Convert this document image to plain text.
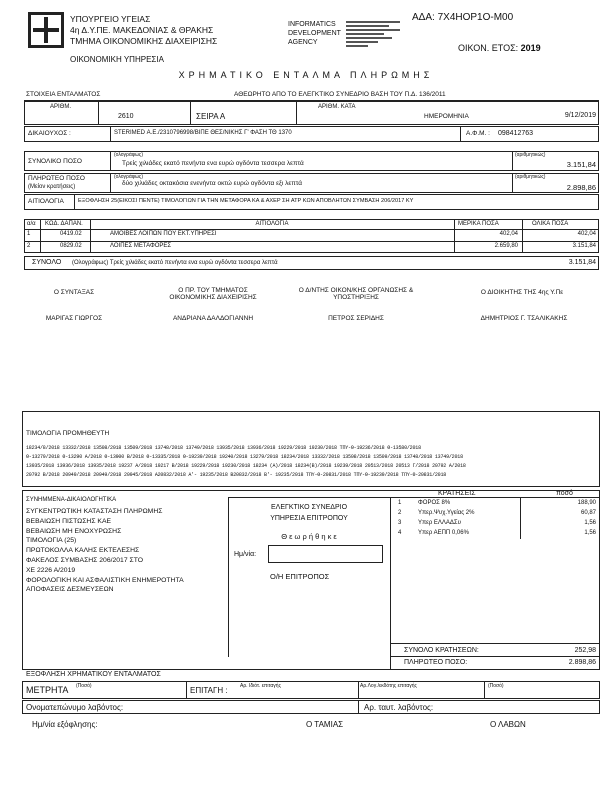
ΥΠΟΥΡΓΕΙΟ ΥΓΕΙΑΣ
4η Δ.Υ.ΠΕ. ΜΑΚΕΔΟΝΙΑΣ & ΘΡΑΚΗΣ
ΤΜΗΜΑ ΟΙΚΟΝΟΜΙΚΗΣ ΔΙΑΧΕΙΡΙΣΗΣ
ΟΙΚΟΝΟΜΙΚΗ ΥΠΗΡΕΣΙΑ
INFORMATICS
DEVELOPMENT
AGENCY
ΑΔΑ: 7Χ4ΗΟΡ1Ο-Μ00
ΟΙΚΟΝ. ΕΤΟΣ: 2019
ΧΡΗΜΑΤΙΚΟ ΕΝΤΑΛΜΑ ΠΛΗΡΩΜΗΣ
ΣΤΟΙΧΕΙΑ ΕΝΤΑΛΜΑΤΟΣ	ΑΘΕΩΡΗΤΟ ΑΠΟ ΤΟ ΕΛΕΓΚΤΙΚΟ ΣΥΝΕΔΡΙΟ ΒΑΣΗ ΤΟΥ Π.Δ. 136/2011
ΑΡΙΘΜ.
2610	ΣΕΙΡΑ Α
ΑΡΙΘΜ. ΚΑΤΑ
ΗΜΕΡΟΜΗΝΙΑ	9/12/2019
ΔΙΚΑΙΟΥΧΟΣ :	STERIMED Α.Ε./2310796998/ΒΙΠΕ ΘΕΣ/ΝΙΚΗΣ Γ' ΦΑΣΗ ΤΘ 1370	Α.Φ.Μ. : 098412763
ΣΥΝΟΛΙΚΟ ΠΟΣΟ
(ολογράφως)
Τρείς χιλιάδες εκατό πενήντα ενα ευρώ ογδόντα τεσσερα λεπτά
(αριθμητικώς)
3.151,84
ΠΛΗΡΩΤΕΟ ΠΟΣΟ
(Μείον κρατήσεις)
(ολογράφως)
δύο χιλιάδες οκτακόσια ενενήντα οκτώ ευρώ ογδόντα εξι λεπτά
(αριθμητικώς)
2.898,86
ΑΙΤΙΟΛΟΓΙΑ	ΕΞΟΦΛΗΣΗ 25(ΕΙΚΟΣΙ ΠΕΝΤΕ) ΤΙΜΟΛΟΓΙΩΝ ΓΙΑ ΤΗΝ ΜΕΤΑΦΟΡΑ ΚΑ & ΑΧΕΡ ΣΗ ΑΤΡ ΚΩΝ ΑΠΟΒΛΗΤΩΝ ΣΥΜΒΑΣΗ 206/2017 ΚΥ
α/α ΚΩΔ. ΔΑΠΑΝ.	ΑΙΤΙΟΛΟΓΙΑ	ΜΕΡΙΚΑ ΠΟΣΑ	ΟΛΙΚΑ ΠΟΣΑ
1	0419.02	ΑΜΟΙΒΕΣ ΛΟΙΠΩΝ ΠΟΥ ΕΚΤ.ΥΠΗΡΕΣΙ	402,04	402,04
2	0829.02	ΛΟΙΠΕΣ ΜΕΤΑΦΟΡΕΣ	2.659,80	3.151,84
ΣΥΝΟΛΟ (Ολογράφως) Τρείς χιλιάδες εκατό πενήντα ενα ευρώ ογδόντα τεσσερα λεπτά	3.151,84
Ο ΣΥΝΤΑΞΑΣ	Ο ΠΡ. ΤΟΥ ΤΜΗΜΑΤΟΣ ΟΙΚΟΝΟΜΙΚΗΣ ΔΙΑΧΕΙΡΙΣΗΣ
Ο Δ/ΝΤΗΣ ΟΙΚΟΝ/ΚΗΣ ΟΡΓΑΝΩΣΗΣ & ΥΠΟΣΤΗΡΙΞΗΣ
Ο ΔΙΟΙΚΗΤΗΣ ΤΗΣ 4ης Υ.Πε
ΜΑΡΙΓΑΣ ΓΙΩΡΓΟΣ	ΑΝΔΡΙΑΝΑ ΔΑΛΔΟΓΙΑΝΝΗ	ΠΕΤΡΟΣ ΣΕΡΙΔΗΣ	ΔΗΜΗΤΡΙΟΣ Γ. ΤΣΑΛΙΚΑΚΗΣ
ΤΙΜΟΛΟΓΙΑ ΠΡΟΜΗΘΕΥΤΗ
18234/8/2018 13332/2018 13508/2018 13509/2018 13748/2018 13749/2018 13935/2018 13936/2018 19229/2018 19230/2018 ΤΠΥ-Θ-19236/2018 Θ-13580/2018
Θ-13279/2018 Θ-13290 Α/2018 Θ-13900 Β/2018 Θ-13335/2018 Θ-19239/2018 19240/2018 13279/2018 18234/2018 13332/2018 13508/2018 13509/2018 13748/2018 13749/2018
13935/2018 13936/2018 13935/2018 19237 Α/2018 19217 Β/2018 19229/2018 19230/2018 18234 (Α)/2018 18234(Β)/2018 19239/2018 20513/2018 20513 Γ/2018 20792 Α/2018
20792 Β/2018 20949/2018 20949/2018 20945/2018 Α20832/2018 Α'- 19235/2018 Β20832/2018 Β'- 19235/2018 ΤΠΥ-Θ-20831/2018 ΤΠΥ-Θ-19239/2018 ΤΠΥ-Θ-20831/2018
ΣΥΝΗΜΜΕΝΑ-ΔΙΚΑΙΟΛΟΓΗΤΙΚΑ
ΣΥΓΚΕΝΤΡΩΤΙΚΗ ΚΑΤΑΣΤΑΣΗ ΠΛΗΡΩΜΗΣ
ΒΕΒΑΙΩΣΗ ΠΙΣΤΩΣΗΣ ΚΑΕ
ΒΕΒΑΙΩΣΗ ΜΗ ΕΝΟΧΥΡΩΣΗΣ
ΤΙΜΟΛΟΓΙΑ (25)
ΠΡΩΤΟΚΟΛΛΑ ΚΑΛΗΣ ΕΚΤΕΛΕΣΗΣ
ΦΑΚΕΛΟΣ ΣΥΜΒΑΣΗΣ 206/2017 ΣΤΟ
ΧΕ 2226 Α/2019
ΦΟΡΟΛΟΓΙΚΗ ΚΑΙ ΑΣΦΑΛΙΣΤΙΚΗ ΕΝΗΜΕΡΟΤΗΤΑ
ΑΠΟΦΑΣΕΙΣ ΔΕΣΜΕΥΣΕΩΝ
ΕΛΕΓΚΤΙΚΟ ΣΥΝΕΔΡΙΟ
ΥΠΗΡΕΣΙΑ ΕΠΙΤΡΟΠΟΥ
Θ ε ω ρ ή θ η κ ε
Ημ/νία:
Ο/Η ΕΠΙΤΡΟΠΟΣ
ΚΡΑΤΗΣΕΙΣ	ποσό
1	ΦΟΡΟΣ 8%	188,90
2	Υπερ.Ψυχ.Υγείας 2%	60,87
3	Υπερ ΕΛΛΑΔΣυ	1,56
4	Υπερ ΑΕΠΠ 0,06%	1,56
ΣΥΝΟΛΟ ΚΡΑΤΗΣΕΩΝ:	252,98
ΠΛΗΡΩΤΕΟ ΠΟΣΟ:	2.898,86
ΕΞΟΦΛΗΣΗ ΧΡΗΜΑΤΙΚΟΥ ΕΝΤΑΛΜΑΤΟΣ
ΜΕΤΡΗΤΑ (Ποσό)	ΕΠΙΤΑΓΗ : Αρ. Ιδιότ. επιταγής	Αρ.Λογ./εκδότης επιταγής	(Ποσό)
Ονοματεπώνυμο λαβόντος:	Αρ. ταυτ. λαβόντος:
Ημ/νία εξόφλησης:	Ο ΤΑΜΙΑΣ	Ο ΛΑΒΩΝ
